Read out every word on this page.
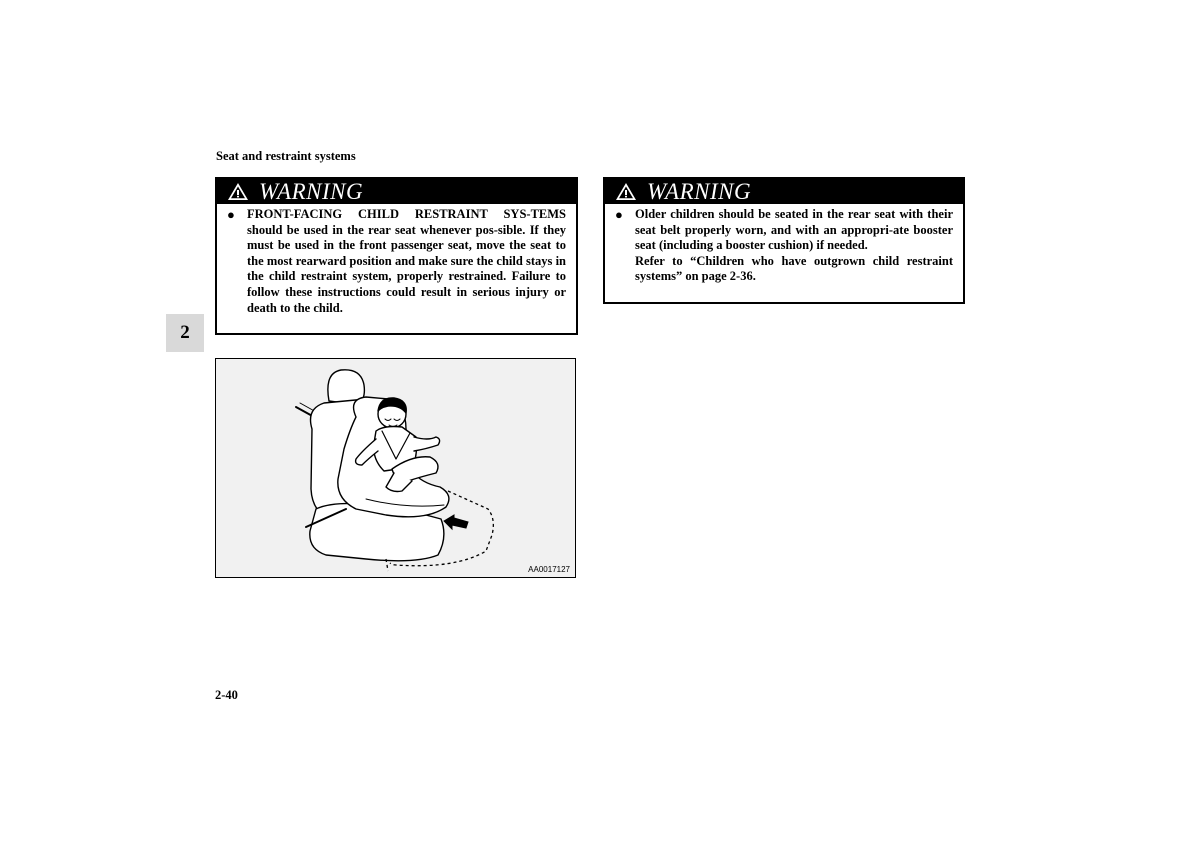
Seat and restraint systems
2
WARNING
● FRONT-FACING CHILD RESTRAINT SYS-TEMS should be used in the rear seat whenever pos-sible. If they must be used in the front passenger seat, move the seat to the most rearward position and make sure the child stays in the child restraint system, properly restrained. Failure to follow these instructions could result in serious injury or death to the child.

WARNING
● Older children should be seated in the rear seat with their seat belt properly worn, and with an appropri-ate booster seat (including a booster cushion) if needed.

Refer to “Children who have outgrown child restraint systems” on page 2-36.

AA0017127
2-40
